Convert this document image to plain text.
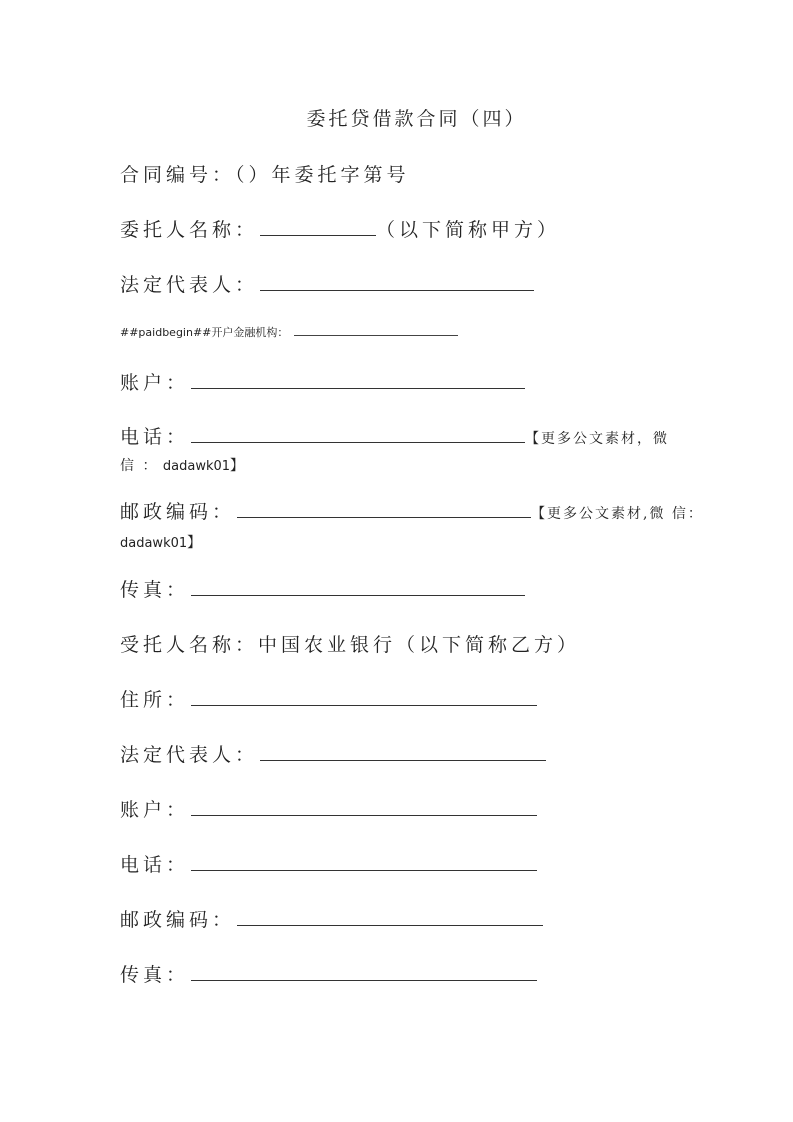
委托贷借款合同（四）
合同编号：（）年委托字第号
委托人名称：	（以下简称甲方）
法定代表人：
##paidbegin##开户金融机构：
账户：
电话：	【更多公文素材，微
信 ： dadawk01】
邮政编码：	【更多公文素材,微 信：
dadawk01】
传真：
受托人名称：中国农业银行（以下简称乙方）
住所：
法定代表人：
账户：
电话：
邮政编码：
传真：
